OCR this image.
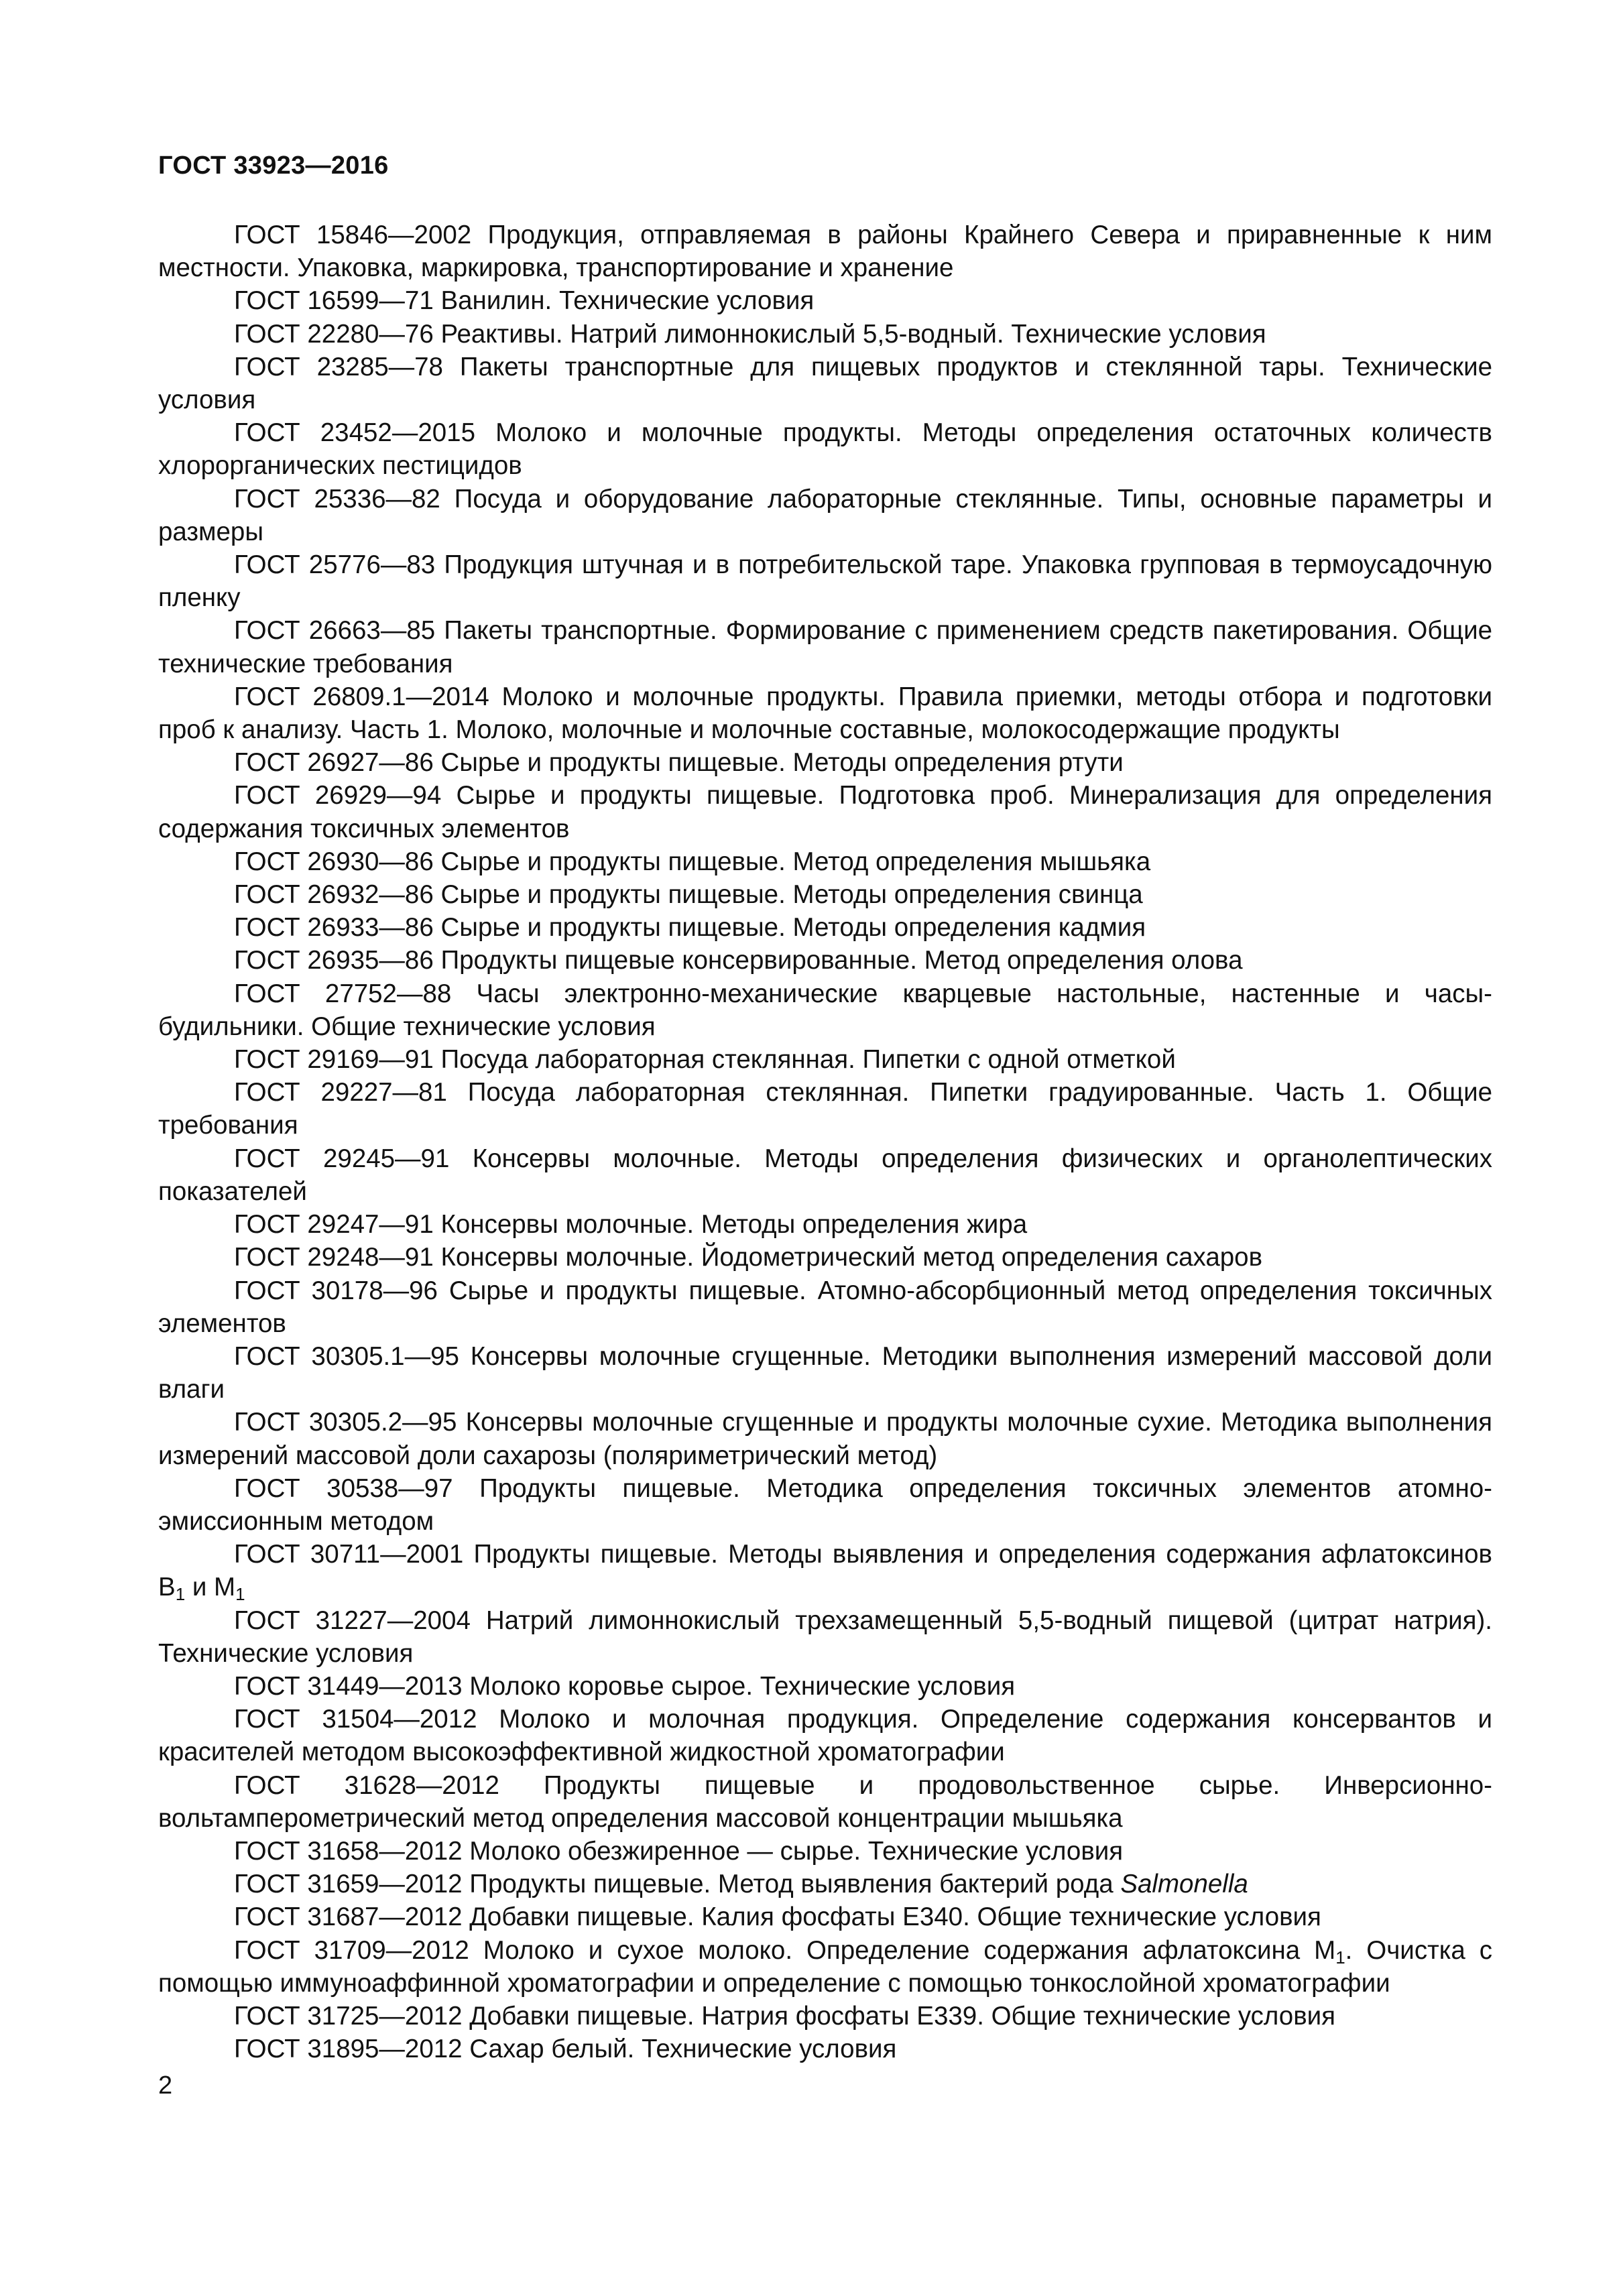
ГОСТ 33923—2016

ГОСТ 15846—2002 Продукция, отправляемая в районы Крайнего Севера и приравненные к ним местности. Упаковка, маркировка, транспортирование и хранение

ГОСТ 16599—71 Ванилин. Технические условия

ГОСТ 22280—76 Реактивы. Натрий лимоннокислый 5,5-водный. Технические условия

ГОСТ 23285—78 Пакеты транспортные для пищевых продуктов и стеклянной тары. Технические условия

ГОСТ 23452—2015 Молоко и молочные продукты. Методы определения остаточных количеств хлорорганических пестицидов

ГОСТ 25336—82 Посуда и оборудование лабораторные стеклянные. Типы, основные параметры и размеры

ГОСТ 25776—83 Продукция штучная и в потребительской таре. Упаковка групповая в термоусадочную пленку

ГОСТ 26663—85 Пакеты транспортные. Формирование с применением средств пакетирования. Общие технические требования

ГОСТ 26809.1—2014 Молоко и молочные продукты. Правила приемки, методы отбора и подготовки проб к анализу. Часть 1. Молоко, молочные и молочные составные, молокосодержащие продукты

ГОСТ 26927—86 Сырье и продукты пищевые. Методы определения ртути

ГОСТ 26929—94 Сырье и продукты пищевые. Подготовка проб. Минерализация для определения содержания токсичных элементов

ГОСТ 26930—86 Сырье и продукты пищевые. Метод определения мышьяка

ГОСТ 26932—86 Сырье и продукты пищевые. Методы определения свинца

ГОСТ 26933—86 Сырье и продукты пищевые. Методы определения кадмия

ГОСТ 26935—86 Продукты пищевые консервированные. Метод определения олова

ГОСТ 27752—88 Часы электронно-механические кварцевые настольные, настенные и часы-будильники. Общие технические условия

ГОСТ 29169—91 Посуда лабораторная стеклянная. Пипетки с одной отметкой

ГОСТ 29227—81 Посуда лабораторная стеклянная. Пипетки градуированные. Часть 1. Общие требования

ГОСТ 29245—91 Консервы молочные. Методы определения физических и органолептических показателей

ГОСТ 29247—91 Консервы молочные. Методы определения жира

ГОСТ 29248—91 Консервы молочные. Йодометрический метод определения сахаров

ГОСТ 30178—96 Сырье и продукты пищевые. Атомно-абсорбционный метод определения токсичных элементов

ГОСТ 30305.1—95 Консервы молочные сгущенные. Методики выполнения измерений массовой доли влаги

ГОСТ 30305.2—95 Консервы молочные сгущенные и продукты молочные сухие. Методика выполнения измерений массовой доли сахарозы (поляриметрический метод)

ГОСТ 30538—97 Продукты пищевые. Методика определения токсичных элементов атомно-эмиссионным методом

ГОСТ 30711—2001 Продукты пищевые. Методы выявления и определения содержания афлатоксинов $B_1$ и $M_1$

ГОСТ 31227—2004 Натрий лимоннокислый трехзамещенный 5,5-водный пищевой (цитрат натрия). Технические условия

ГОСТ 31449—2013 Молоко коровье сырое. Технические условия

ГОСТ 31504—2012 Молоко и молочная продукция. Определение содержания консервантов и красителей методом высокоэффективной жидкостной хроматографии

ГОСТ 31628—2012 Продукты пищевые и продовольственное сырье. Инверсионно-вольтамперометрический метод определения массовой концентрации мышьяка

ГОСТ 31658—2012 Молоко обезжиренное — сырье. Технические условия

ГОСТ 31659—2012 Продукты пищевые. Метод выявления бактерий рода Salmonella

ГОСТ 31687—2012 Добавки пищевые. Калия фосфаты E340. Общие технические условия

ГОСТ 31709—2012 Молоко и сухое молоко. Определение содержания афлатоксина $M_1$. Очистка с помощью иммуноаффинной хроматографии и определение с помощью тонкослойной хроматографии

ГОСТ 31725—2012 Добавки пищевые. Натрия фосфаты E339. Общие технические условия

ГОСТ 31895—2012 Сахар белый. Технические условия

2
